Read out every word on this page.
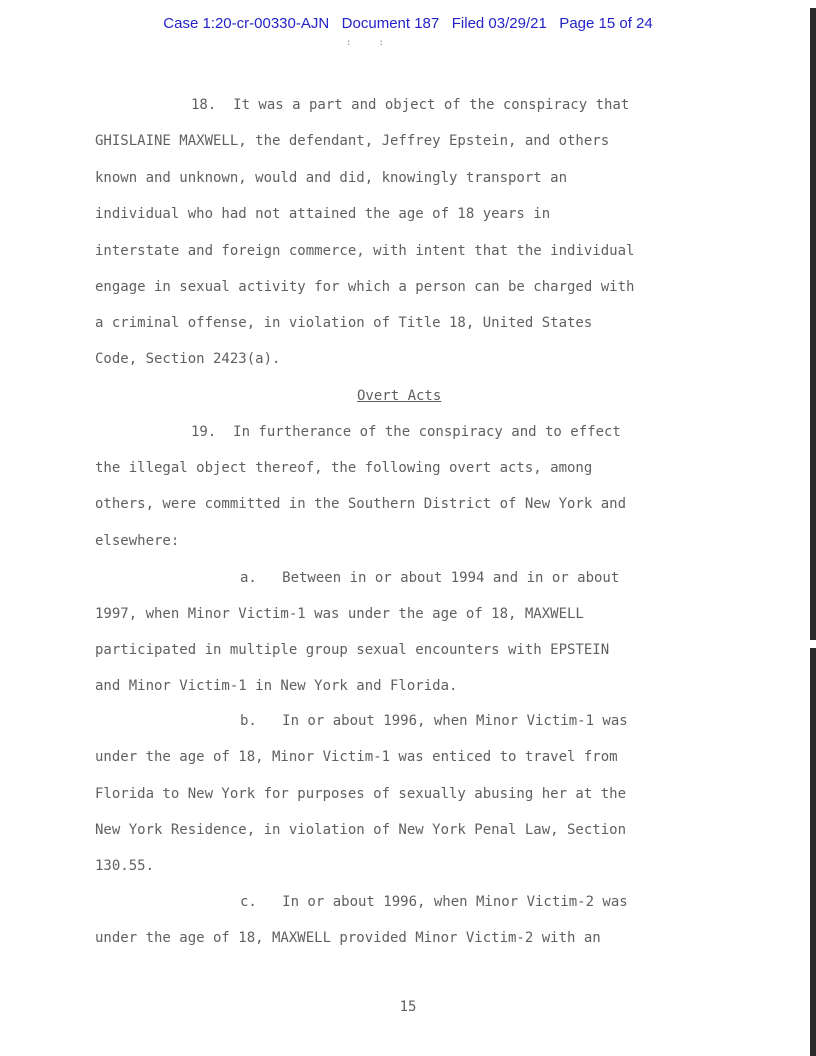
Case 1:20-cr-00330-AJN   Document 187   Filed 03/29/21   Page 15 of 24
:     :

18.  It was a part and object of the conspiracy that

GHISLAINE MAXWELL, the defendant, Jeffrey Epstein, and others

known and unknown, would and did, knowingly transport an

individual who had not attained the age of 18 years in

interstate and foreign commerce, with intent that the individual

engage in sexual activity for which a person can be charged with

a criminal offense, in violation of Title 18, United States

Code, Section 2423(a).

Overt Acts

19.  In furtherance of the conspiracy and to effect

the illegal object thereof, the following overt acts, among

others, were committed in the Southern District of New York and

elsewhere:

a.   Between in or about 1994 and in or about

1997, when Minor Victim-1 was under the age of 18, MAXWELL

participated in multiple group sexual encounters with EPSTEIN

and Minor Victim-1 in New York and Florida.

b.   In or about 1996, when Minor Victim-1 was

under the age of 18, Minor Victim-1 was enticed to travel from

Florida to New York for purposes of sexually abusing her at the

New York Residence, in violation of New York Penal Law, Section

130.55.

c.   In or about 1996, when Minor Victim-2 was

under the age of 18, MAXWELL provided Minor Victim-2 with an

15
